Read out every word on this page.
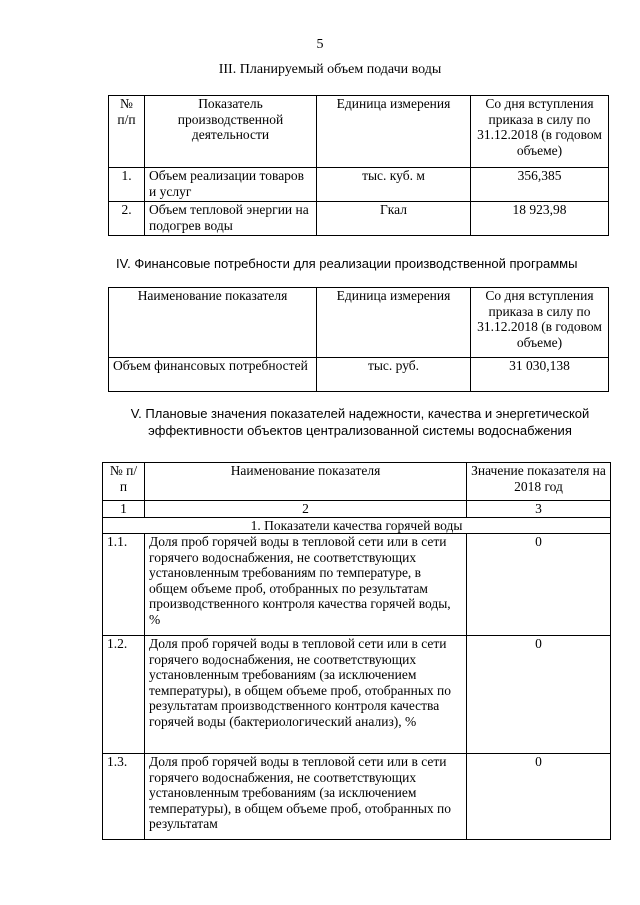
5
III. Планируемый объем подачи воды
№ п/п	Показатель производственной деятельности	Единица измерения	Со дня вступления приказа в силу по 31.12.2018 (в годовом объеме)
1.	Объем реализации товаров и услуг	тыс. куб. м	356,385
2.	Объем тепловой энергии на подогрев воды	Гкал	18 923,98
IV. Финансовые потребности для реализации производственной программы
Наименование показателя	Единица измерения	Со дня вступления приказа в силу по 31.12.2018 (в годовом объеме)
Объем финансовых потребностей	тыс. руб.	31 030,138
V. Плановые значения показателей надежности, качества и энергетической
эффективности объектов централизованной системы водоснабжения
№ п/п	Наименование показателя	Значение показателя на 2018 год
1	2	3
1. Показатели качества горячей воды		
1.1.	Доля проб горячей воды в тепловой сети или в сети горячего водоснабжения, не соответствующих установленным требованиям по температуре, в общем объеме проб, отобранных по результатам производственного контроля качества горячей воды, %	0
1.2.	Доля проб горячей воды в тепловой сети или в сети горячего водоснабжения, не соответствующих установленным требованиям (за исключением температуры), в общем объеме проб, отобранных по результатам производственного контроля качества горячей воды (бактериологический анализ), %	0
1.3.	Доля проб горячей воды в тепловой сети или в сети горячего водоснабжения, не соответствующих установленным требованиям (за исключением температуры), в общем объеме проб, отобранных по результатам	0
